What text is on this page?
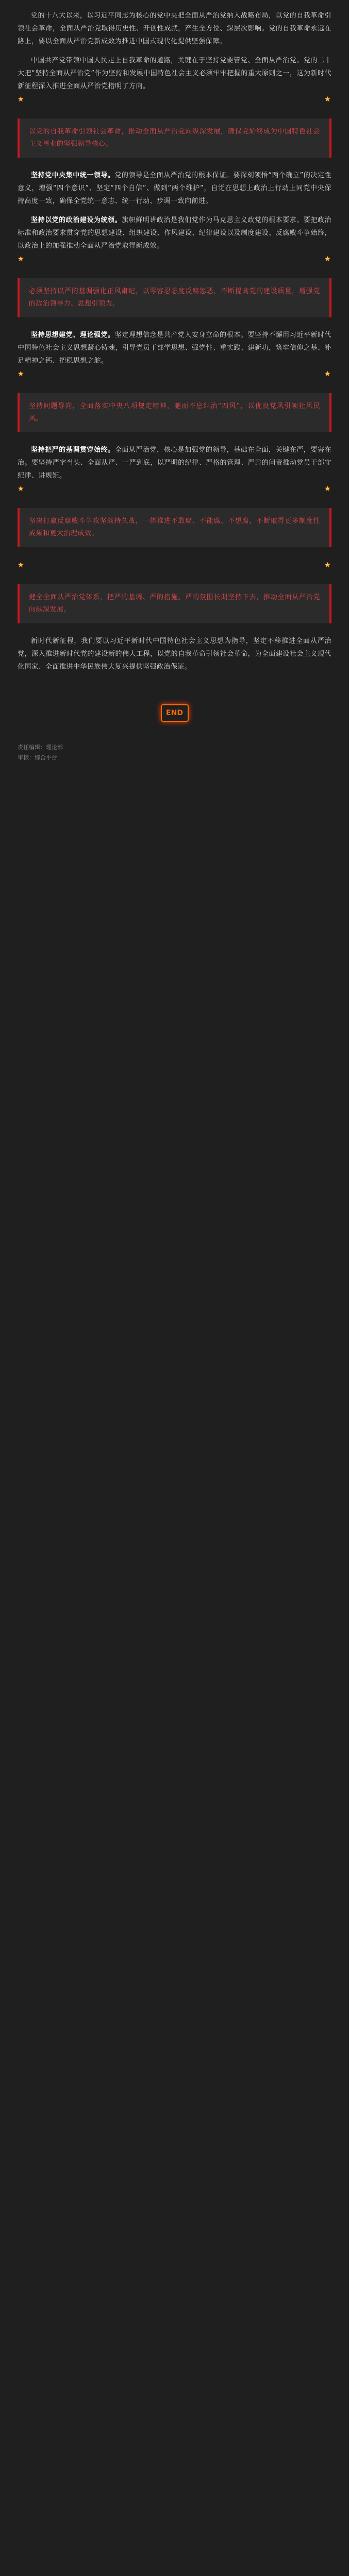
党的十八大以来，以习近平同志为核心的党中央把全面从严治党纳入战略布局，以党的自我革命引领社会革命，全面从严治党取得历史性、开创性成就，产生全方位、深层次影响。党的自我革命永远在路上，要以全面从严治党新成效为推进中国式现代化提供坚强保障。

中国共产党带领中国人民走上自我革命的道路，关键在于坚持党要管党、全面从严治党。党的二十大把“坚持全面从严治党”作为坚持和发展中国特色社会主义必须牢牢把握的重大原则之一，这为新时代新征程深入推进全面从严治党指明了方向。

★	★
以党的自我革命引领社会革命，推动全面从严治党向纵深发展，确保党始终成为中国特色社会主义事业的坚强领导核心。

坚持党中央集中统一领导。党的领导是全面从严治党的根本保证。要深刻领悟“两个确立”的决定性意义，增强“四个意识”、坚定“四个自信”、做到“两个维护”，自觉在思想上政治上行动上同党中央保持高度一致，确保全党统一意志、统一行动、步调一致向前进。

坚持以党的政治建设为统领。旗帜鲜明讲政治是我们党作为马克思主义政党的根本要求。要把政治标准和政治要求贯穿党的思想建设、组织建设、作风建设、纪律建设以及制度建设、反腐败斗争始终，以政治上的加强推动全面从严治党取得新成效。

★	★
必须坚持以严的基调强化正风肃纪，以零容忍态度反腐惩恶，不断提高党的建设质量，增强党的政治领导力、思想引领力。

坚持思想建党、理论强党。坚定理想信念是共产党人安身立命的根本。要坚持不懈用习近平新时代中国特色社会主义思想凝心铸魂，引导党员干部学思想、强党性、重实践、建新功，筑牢信仰之基、补足精神之钙、把稳思想之舵。

★	★
坚持问题导向，全面落实中央八项规定精神，驰而不息纠治“四风”，以优良党风引领社风民风。

坚持把严的基调贯穿始终。全面从严治党，核心是加强党的领导，基础在全面，关键在严，要害在治。要坚持严字当头、全面从严、一严到底，以严明的纪律、严格的管理、严肃的问责推动党员干部守纪律、讲规矩。

★	★
坚决打赢反腐败斗争攻坚战持久战，一体推进不敢腐、不能腐、不想腐，不断取得更多制度性成果和更大治理成效。
★	★
健全全面从严治党体系，把严的基调、严的措施、严的氛围长期坚持下去，推动全面从严治党向纵深发展。

新时代新征程，我们要以习近平新时代中国特色社会主义思想为指导，坚定不移推进全面从严治党，深入推进新时代党的建设新的伟大工程，以党的自我革命引领社会革命，为全面建设社会主义现代化国家、全面推进中华民族伟大复兴提供坚强政治保证。

END
责任编辑：理论部
审核：综合平台
